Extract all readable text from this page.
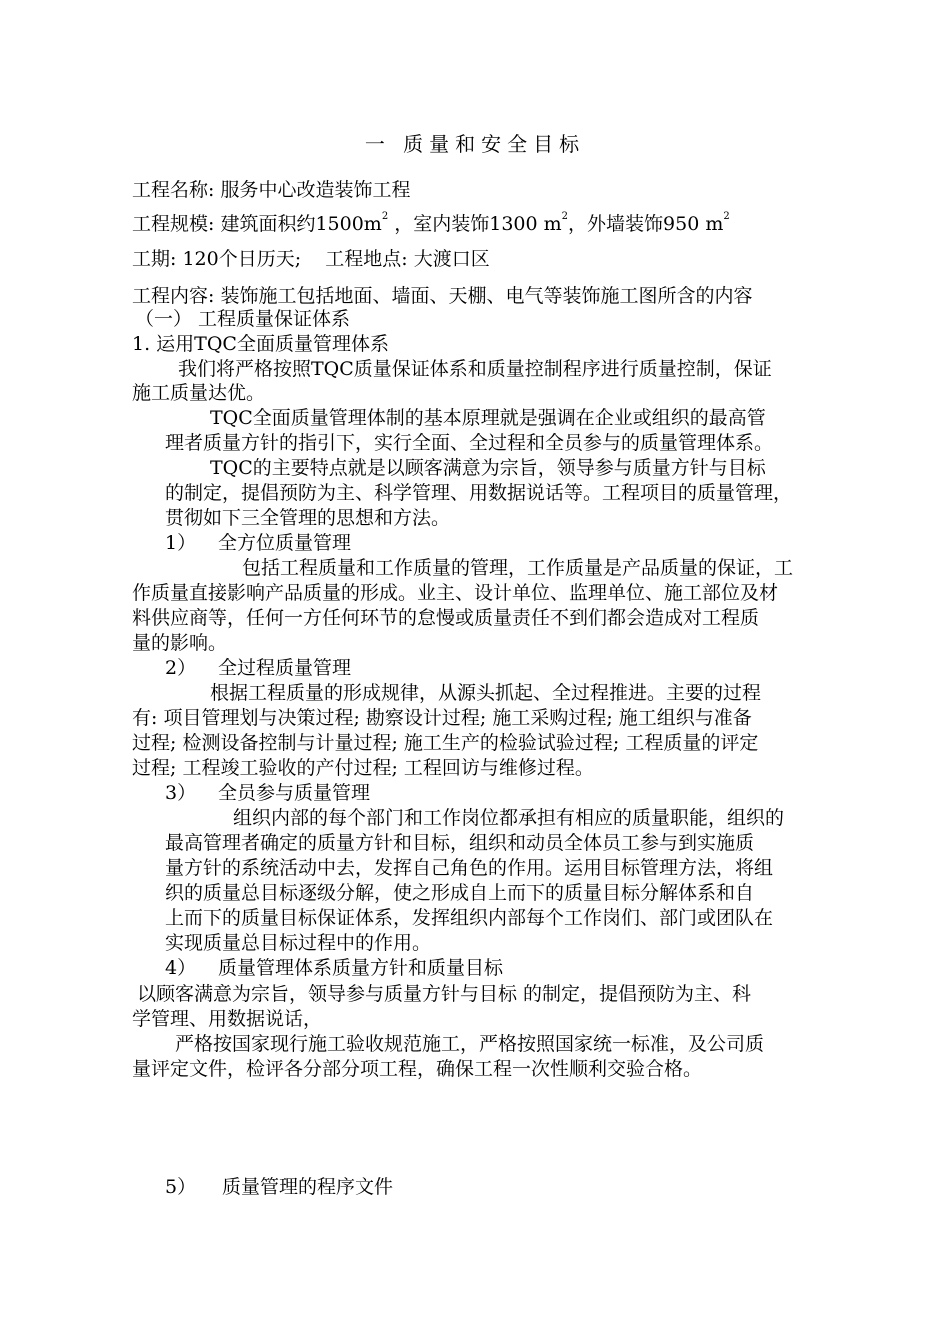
一 质量和安全目标
工程名称: 服务中心改造装饰工程
工程规模: 建筑面积约$1500m^2$ ，室内装饰1300 $m^2$，外墙装饰950 $m^2$
工期: 120个日历天;    工程地点: 大渡口区
工程内容: 装饰施工包括地面、墙面、天棚、电气等装饰施工图所含的内容
（一） 工程质量保证体系
1. 运用TQC全面质量管理体系
我们将严格按照TQC质量保证体系和质量控制程序进行质量控制，保证
施工质量达优。
TQC全面质量管理体制的基本原理就是强调在企业或组织的最高管
理者质量方针的指引下，实行全面、全过程和全员参与的质量管理体系。
TQC的主要特点就是以顾客满意为宗旨，领导参与质量方针与目标
的制定，提倡预防为主、科学管理、用数据说话等。工程项目的质量管理，
贯彻如下三全管理的思想和方法。
1） 全方位质量管理
包括工程质量和工作质量的管理，工作质量是产品质量的保证，工
作质量直接影响产品质量的形成。业主、设计单位、监理单位、施工部位及材
料供应商等，任何一方任何环节的怠慢或质量责任不到们都会造成对工程质
量的影响。
2） 全过程质量管理
根据工程质量的形成规律，从源头抓起、全过程推进。主要的过程
有: 项目管理划与决策过程; 勘察设计过程; 施工采购过程; 施工组织与准备
过程; 检测设备控制与计量过程; 施工生产的检验试验过程; 工程质量的评定
过程; 工程竣工验收的产付过程; 工程回访与维修过程。
3） 全员参与质量管理
组织内部的每个部门和工作岗位都承担有相应的质量职能，组织的
最高管理者确定的质量方针和目标，组织和动员全体员工参与到实施质
量方针的系统活动中去，发挥自己角色的作用。运用目标管理方法，将组
织的质量总目标逐级分解，使之形成自上而下的质量目标分解体系和自
上而下的质量目标保证体系，发挥组织内部每个工作岗们、部门或团队在
实现质量总目标过程中的作用。
4） 质量管理体系质量方针和质量目标
以顾客满意为宗旨，领导参与质量方针与目标 的制定，提倡预防为主、科
学管理、用数据说话，
严格按国家现行施工验收规范施工，严格按照国家统一标准，及公司质
量评定文件，检评各分部分项工程，确保工程一次性顺利交验合格。
5） 质量管理的程序文件
